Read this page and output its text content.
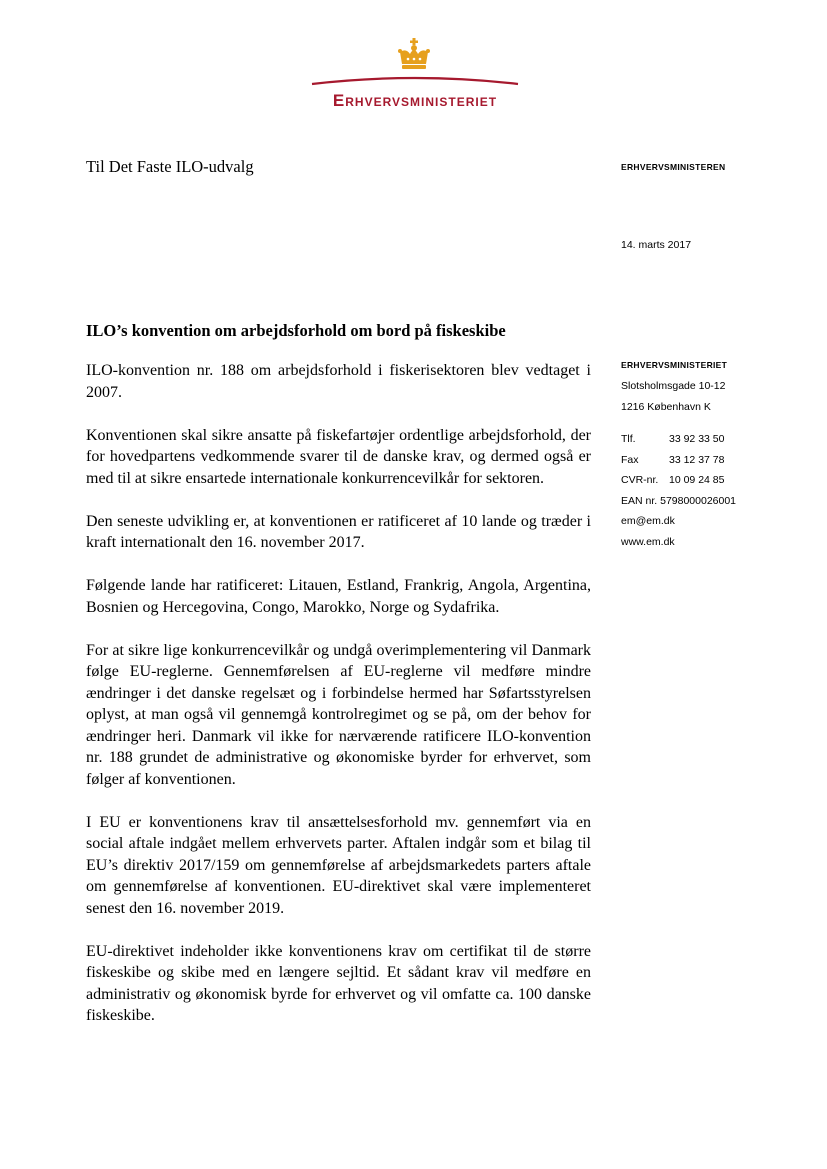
Erhvervsministeriet
Til Det Faste ILO-udvalg	ERHVERVSMINISTEREN
14. marts 2017
ILO’s konvention om arbejdsforhold om bord på fiskeskibe

ILO-konvention nr. 188 om arbejdsforhold i fiskerisektoren blev vedtaget i 2007.

Konventionen skal sikre ansatte på fiskefartøjer ordentlige arbejdsforhold, der for hovedpartens vedkommende svarer til de danske krav, og dermed også er med til at sikre ensartede internationale konkurrencevilkår for sektoren.

Den seneste udvikling er, at konventionen er ratificeret af 10 lande og træder i kraft internationalt den 16. november 2017.

Følgende lande har ratificeret: Litauen, Estland, Frankrig, Angola, Argentina, Bosnien og Hercegovina, Congo, Marokko, Norge og Sydafrika.

For at sikre lige konkurrencevilkår og undgå overimplementering vil Danmark følge EU-reglerne. Gennemførelsen af EU-reglerne vil medføre mindre ændringer i det danske regelsæt og i forbindelse hermed har Søfartsstyrelsen oplyst, at man også vil gennemgå kontrolregimet og se på, om der behov for ændringer heri. Danmark vil ikke for nærværende ratificere ILO-konvention nr. 188 grundet de administrative og økonomiske byrder for erhvervet, som følger af konventionen.

I EU er konventionens krav til ansættelsesforhold mv. gennemført via en social aftale indgået mellem erhvervets parter. Aftalen indgår som et bilag til EU’s direktiv 2017/159 om gennemførelse af arbejdsmarkedets parters aftale om gennemførelse af konventionen. EU-direktivet skal være implementeret senest den 16. november 2019.

EU-direktivet indeholder ikke konventionens krav om certifikat til de større fiskeskibe og skibe med en længere sejltid. Et sådant krav vil medføre en administrativ og økonomisk byrde for erhvervet og vil omfatte ca. 100 danske fiskeskibe.

ERHVERVSMINISTERIET
Slotsholmsgade 10-12
1216 København K
Tlf.	33 92 33 50
Fax	33 12 37 78
CVR-nr. 10 09 24 85
EAN nr. 5798000026001
em@em.dk
www.em.dk
